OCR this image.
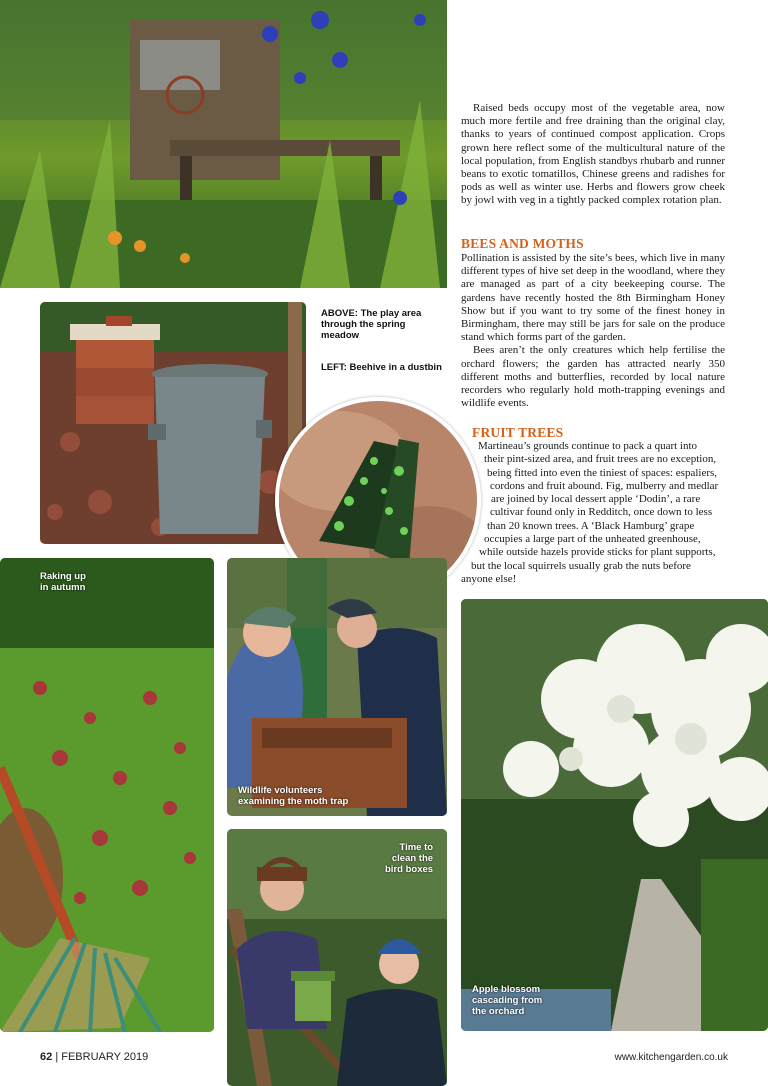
Raised beds occupy most of the vegetable area, now much more fertile and free draining than the original clay, thanks to years of continued compost application. Crops grown here reflect some of the multicultural nature of the local population, from English standbys rhubarb and runner beans to exotic tomatillos, Chinese greens and radishes for pods as well as winter use. Herbs and flowers grow cheek by jowl with veg in a tightly packed complex rotation plan.

BEES AND MOTHS

Pollination is assisted by the site’s bees, which live in many different types of hive set deep in the woodland, where they are managed as part of a city beekeeping course. The gardens have recently hosted the 8th Birmingham Honey Show but if you want to try some of the finest honey in Birmingham, there may still be jars for sale on the produce stand which forms part of the garden.

Bees aren’t the only creatures which help fertilise the orchard flowers; the garden has attracted nearly 350 different moths and butterflies, recorded by local nature recorders who regularly hold moth-trapping evenings and wildlife events.

FRUIT TREES
Martineau’s grounds continue to pack a quart into
their pint-sized area, and fruit trees are no exception,
being fitted into even the tiniest of spaces: espaliers,
cordons and fruit abound. Fig, mulberry and medlar
are joined by local dessert apple ‘Dodin’, a rare
cultivar found only in Redditch, once down to less
than 20 known trees. A ‘Black Hamburg’ grape
occupies a large part of the unheated greenhouse,
while outside hazels provide sticks for plant supports,
but the local squirrels usually grab the nuts before
anyone else!
ABOVE: The play area
through the spring
meadow
LEFT: Beehive in a dustbin
Raking up
in autumn
Wildlife volunteers
examining the moth trap
Time to
clean the
bird boxes
Apple blossom
cascading from
the orchard
62 | FEBRUARY 2019	www.kitchengarden.co.uk
